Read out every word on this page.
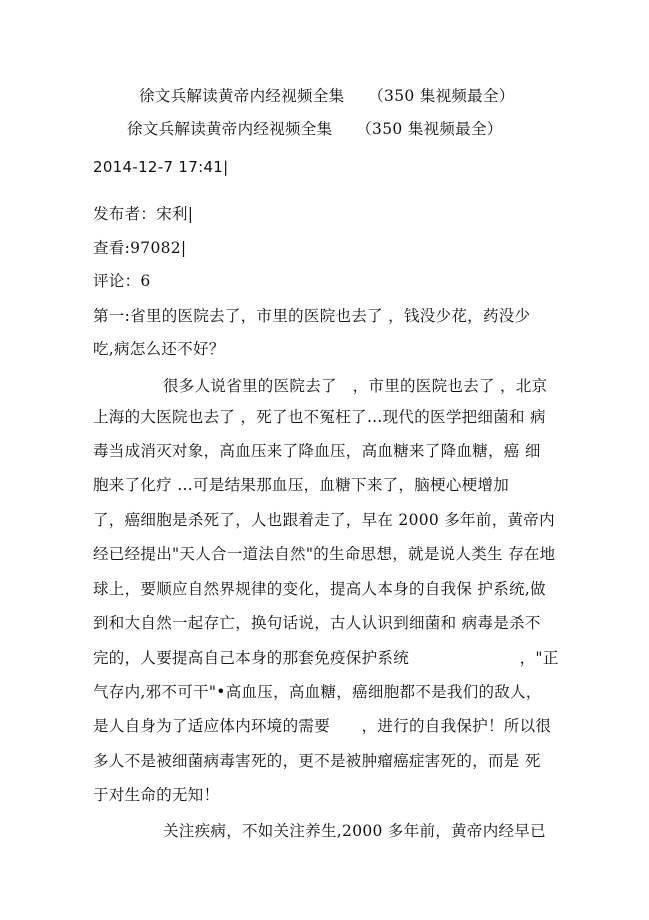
徐文兵解读黄帝内经视频全集　　（350 集视频最全）
徐文兵解读黄帝内经视频全集　　（350 集视频最全）
2014-12-7 17:41|
发布者：宋利|
查看:97082|
评论：6
第一:省里的医院去了，市里的医院也去了 ，钱没少花，药没少
吃,病怎么还不好？
很多人说省里的医院去了　，市里的医院也去了 ，北京
上海的大医院也去了 ，死了也不冤枉了…现代的医学把细菌和 病
毒当成消灭对象，高血压来了降血压，高血糖来了降血糖，癌 细
胞来了化疗 …可是结果那血压，血糖下来了，脑梗心梗增加
了，癌细胞是杀死了，人也跟着走了，早在 2000 多年前，黄帝内
经已经提出"天人合一道法自然"的生命思想，就是说人类生 存在地
球上，要顺应自然界规律的变化，提高人本身的自我保 护系统,做
到和大自然一起存亡，换句话说，古人认识到细菌和 病毒是杀不
完的，人要提高自己本身的那套免疫保护系统　　　　　　　，"正
气存内,邪不可干"•高血压，高血糖，癌细胞都不是我们的敌人，
是人自身为了适应体内环境的需要　　，进行的自我保护！所以很
多人不是被细菌病毒害死的，更不是被肿瘤癌症害死的，而是 死
于对生命的无知！
关注疾病，不如关注养生,2000 多年前，黄帝内经早已
